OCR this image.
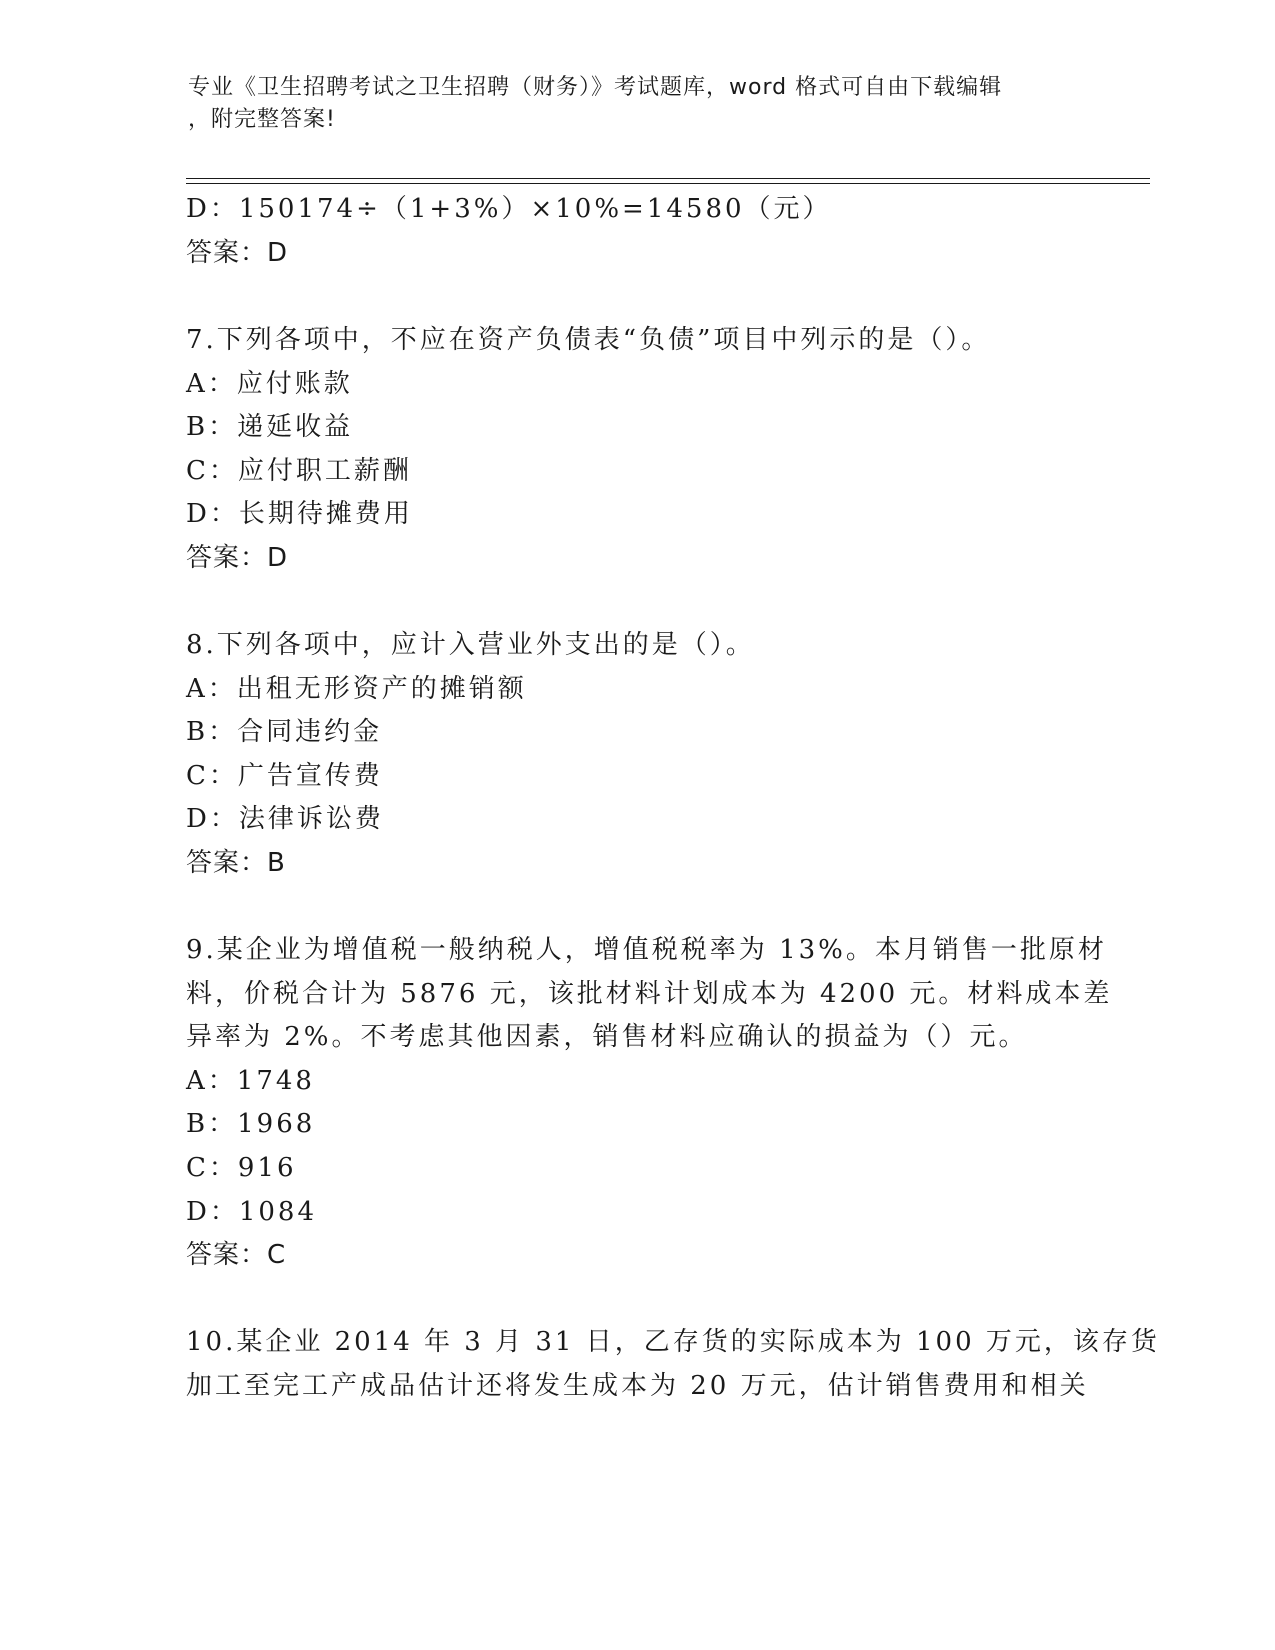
专业《卫生招聘考试之卫生招聘（财务）》考试题库，word 格式可自由下载编辑
，附完整答案!
D：150174÷（1+3%）×10%=14580（元）
答案：D
7.下列各项中，不应在资产负债表“负债”项目中列示的是（）。
A：应付账款
B：递延收益
C：应付职工薪酬
D：长期待摊费用
答案：D
8.下列各项中，应计入营业外支出的是（）。
A：出租无形资产的摊销额
B：合同违约金
C：广告宣传费
D：法律诉讼费
答案：B
9.某企业为增值税一般纳税人，增值税税率为 13%。本月销售一批原材
料，价税合计为 5876 元，该批材料计划成本为 4200 元。材料成本差
异率为 2%。不考虑其他因素，销售材料应确认的损益为（）元。
A：1748
B：1968
C：916
D：1084
答案：C
10.某企业 2014 年 3 月 31 日，乙存货的实际成本为 100 万元，该存货
加工至完工产成品估计还将发生成本为 20 万元，估计销售费用和相关
